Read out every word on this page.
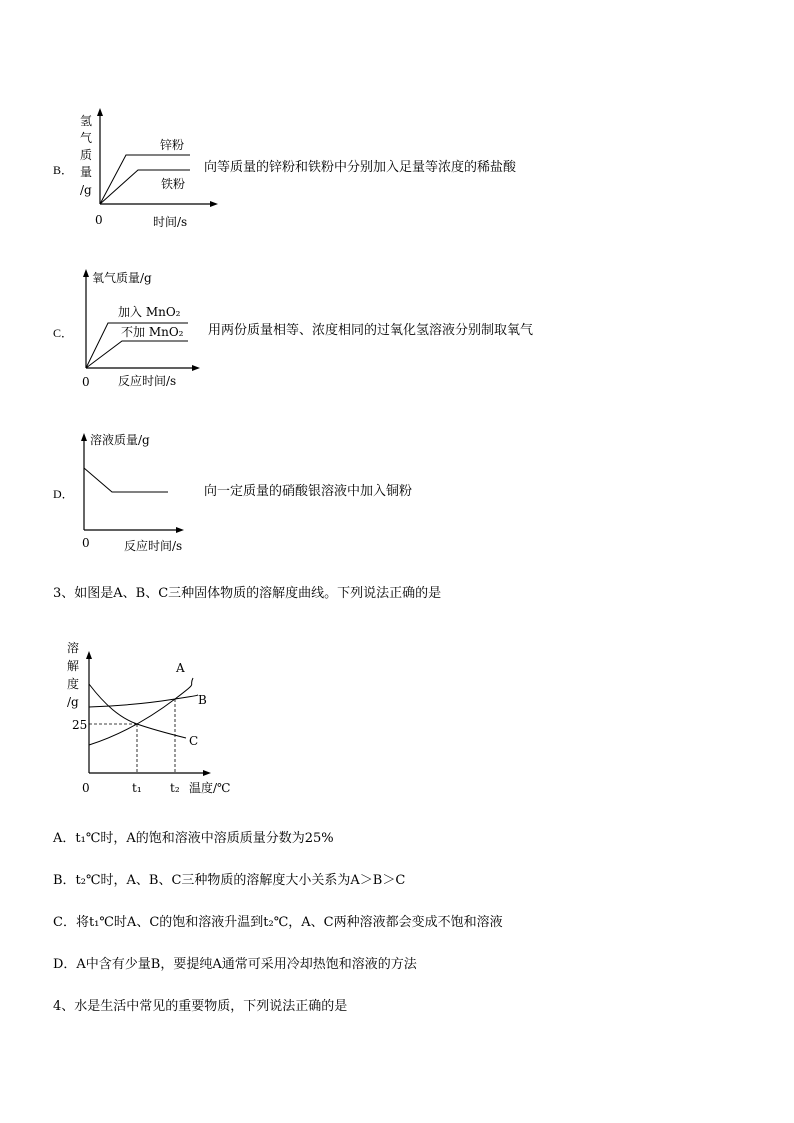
B．
氢
气
质
量
/g
锌粉
铁粉
0	时间/s
向等质量的锌粉和铁粉中分别加入足量等浓度的稀盐酸
C．
氧气质量/g
加入 MnO₂
不加 MnO₂
0 反应时间/s
用两份质量相等、浓度相同的过氧化氢溶液分别制取氧气
D．
溶液质量/g
0	反应时间/s
向一定质量的硝酸银溶液中加入铜粉
3、如图是A、B、C三种固体物质的溶解度曲线。下列说法正确的是
溶
解
度
/g
A
B
C
25
0	t₁ t₂ 温度/℃
A．t₁℃时，A的饱和溶液中溶质质量分数为25%
B．t₂℃时，A、B、C三种物质的溶解度大小关系为A＞B＞C
C．将t₁℃时A、C的饱和溶液升温到t₂℃，A、C两种溶液都会变成不饱和溶液
D．A中含有少量B，要提纯A通常可采用冷却热饱和溶液的方法
4、水是生活中常见的重要物质，下列说法正确的是
